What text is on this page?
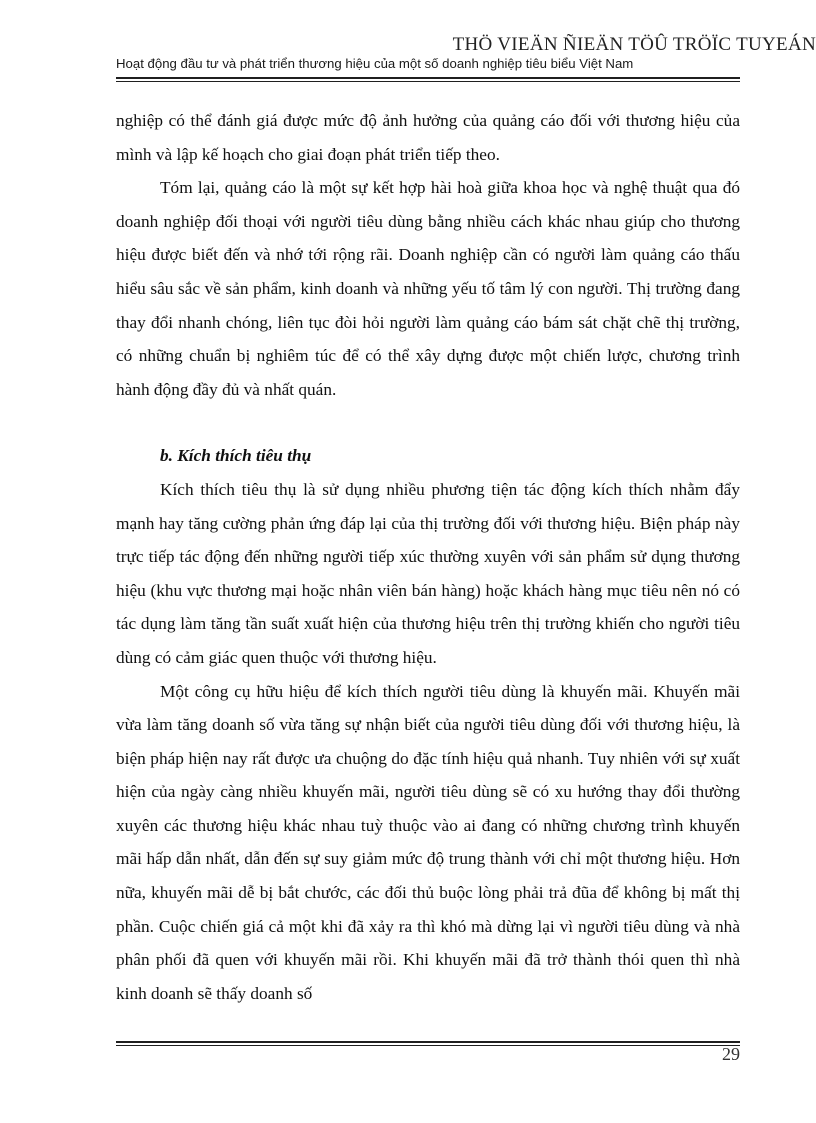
THÖ VIEÄN ÑIEÄN TÖÛ TRÖÏC TUYEÁN
Hoạt động đầu tư và phát triển thương hiệu của một số doanh nghiệp tiêu biểu Việt Nam

nghiệp có thể đánh giá được mức độ ảnh hưởng của quảng cáo đối với thương hiệu của mình và lập kế hoạch cho giai đoạn phát triển tiếp theo.

Tóm lại, quảng cáo là một sự kết hợp hài hoà giữa khoa học và nghệ thuật qua đó doanh nghiệp đối thoại với người tiêu dùng bằng nhiều cách khác nhau giúp cho thương hiệu được biết đến và nhớ tới rộng rãi. Doanh nghiệp cần có người làm quảng cáo thấu hiểu sâu sắc về sản phẩm, kinh doanh và những yếu tố tâm lý con người. Thị trường đang thay đổi nhanh chóng, liên tục đòi hỏi người làm quảng cáo bám sát chặt chẽ thị trường, có những chuẩn bị nghiêm túc để có thể xây dựng được một chiến lược, chương trình hành động đầy đủ và nhất quán.

b. Kích thích tiêu thụ

Kích thích tiêu thụ là sử dụng nhiều phương tiện tác động kích thích nhằm đẩy mạnh hay tăng cường phản ứng đáp lại của thị trường đối với thương hiệu. Biện pháp này trực tiếp tác động đến những người tiếp xúc thường xuyên với sản phẩm sử dụng thương hiệu (khu vực thương mại hoặc nhân viên bán hàng) hoặc khách hàng mục tiêu nên nó có tác dụng làm tăng tần suất xuất hiện của thương hiệu trên thị trường khiến cho người tiêu dùng có cảm giác quen thuộc với thương hiệu.

Một công cụ hữu hiệu để kích thích người tiêu dùng là khuyến mãi. Khuyến mãi vừa làm tăng doanh số vừa tăng sự nhận biết của người tiêu dùng đối với thương hiệu, là biện pháp hiện nay rất được ưa chuộng do đặc tính hiệu quả nhanh. Tuy nhiên với sự xuất hiện của ngày càng nhiều khuyến mãi, người tiêu dùng sẽ có xu hướng thay đổi thường xuyên các thương hiệu khác nhau tuỳ thuộc vào ai đang có những chương trình khuyến mãi hấp dẫn nhất, dẫn đến sự suy giảm mức độ trung thành với chỉ một thương hiệu. Hơn nữa, khuyến mãi dễ bị bắt chước, các đối thủ buộc lòng phải trả đũa để không bị mất thị phần. Cuộc chiến giá cả một khi đã xảy ra thì khó mà dừng lại vì người tiêu dùng và nhà phân phối đã quen với khuyến mãi rồi. Khi khuyến mãi đã trở thành thói quen thì nhà kinh doanh sẽ thấy doanh số

29
